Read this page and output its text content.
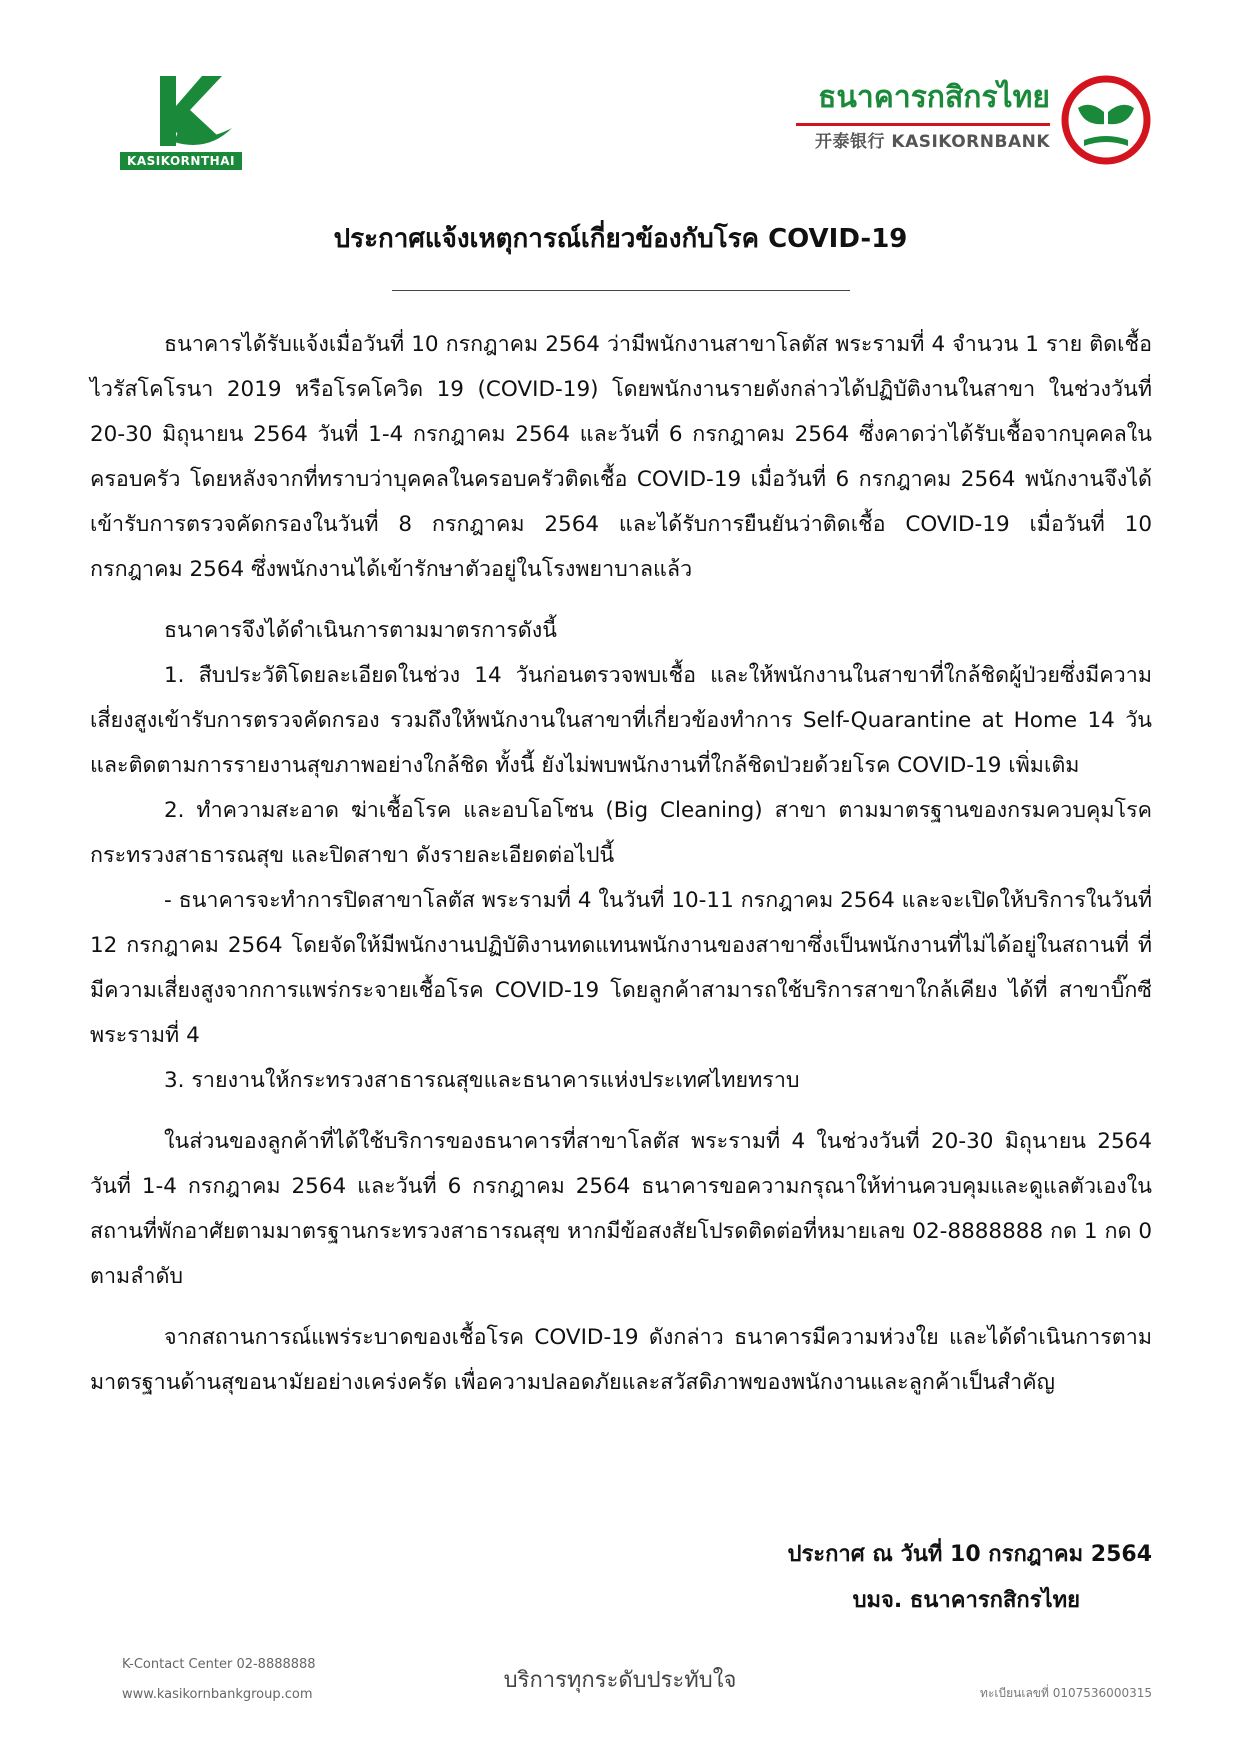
KASIKORNTHAI
ธนาคารกสิกรไทย
开泰银行 KASIKORNBANK
ประกาศแจ้งเหตุการณ์เกี่ยวข้องกับโรค COVID-19

ธนาคารได้รับแจ้งเมื่อวันที่ 10 กรกฎาคม 2564 ว่ามีพนักงานสาขาโลตัส พระรามที่ 4 จำนวน 1 ราย ติดเชื้อไวรัสโคโรนา 2019 หรือโรคโควิด 19 (COVID-19) โดยพนักงานรายดังกล่าวได้ปฏิบัติงานในสาขา ในช่วงวันที่ 20-30 มิถุนายน 2564 วันที่ 1-4 กรกฎาคม 2564 และวันที่ 6 กรกฎาคม 2564 ซึ่งคาดว่าได้รับเชื้อจากบุคคลในครอบครัว โดยหลังจากที่ทราบว่าบุคคลในครอบครัวติดเชื้อ COVID-19 เมื่อวันที่ 6 กรกฎาคม 2564 พนักงานจึงได้เข้ารับการตรวจคัดกรองในวันที่ 8 กรกฎาคม 2564 และได้รับการยืนยันว่าติดเชื้อ COVID-19 เมื่อวันที่ 10 กรกฎาคม 2564 ซึ่งพนักงานได้เข้ารักษาตัวอยู่ในโรงพยาบาลแล้ว

ธนาคารจึงได้ดำเนินการตามมาตรการดังนี้

1. สืบประวัติโดยละเอียดในช่วง 14 วันก่อนตรวจพบเชื้อ และให้พนักงานในสาขาที่ใกล้ชิดผู้ป่วยซึ่งมีความเสี่ยงสูงเข้ารับการตรวจคัดกรอง รวมถึงให้พนักงานในสาขาที่เกี่ยวข้องทำการ Self-Quarantine at Home 14 วัน และติดตามการรายงานสุขภาพอย่างใกล้ชิด ทั้งนี้ ยังไม่พบพนักงานที่ใกล้ชิดป่วยด้วยโรค COVID-19 เพิ่มเติม

2. ทำความสะอาด ฆ่าเชื้อโรค และอบโอโซน (Big Cleaning) สาขา ตามมาตรฐานของกรมควบคุมโรค กระทรวงสาธารณสุข และปิดสาขา ดังรายละเอียดต่อไปนี้

- ธนาคารจะทำการปิดสาขาโลตัส พระรามที่ 4 ในวันที่ 10-11 กรกฎาคม 2564 และจะเปิดให้บริการในวันที่ 12 กรกฎาคม 2564 โดยจัดให้มีพนักงานปฏิบัติงานทดแทนพนักงานของสาขาซึ่งเป็นพนักงานที่ไม่ได้อยู่ในสถานที่ ที่มีความเสี่ยงสูงจากการแพร่กระจายเชื้อโรค COVID-19 โดยลูกค้าสามารถใช้บริการสาขาใกล้เคียง ได้ที่ สาขาบิ๊กซี พระรามที่ 4

3. รายงานให้กระทรวงสาธารณสุขและธนาคารแห่งประเทศไทยทราบ

ในส่วนของลูกค้าที่ได้ใช้บริการของธนาคารที่สาขาโลตัส พระรามที่ 4 ในช่วงวันที่ 20-30 มิถุนายน 2564 วันที่ 1-4 กรกฎาคม 2564 และวันที่ 6 กรกฎาคม 2564 ธนาคารขอความกรุณาให้ท่านควบคุมและดูแลตัวเองในสถานที่พักอาศัยตามมาตรฐานกระทรวงสาธารณสุข หากมีข้อสงสัยโปรดติดต่อที่หมายเลข 02-8888888 กด 1 กด 0 ตามลำดับ

จากสถานการณ์แพร่ระบาดของเชื้อโรค COVID-19 ดังกล่าว ธนาคารมีความห่วงใย และได้ดำเนินการตามมาตรฐานด้านสุขอนามัยอย่างเคร่งครัด เพื่อความปลอดภัยและสวัสดิภาพของพนักงานและลูกค้าเป็นสำคัญ

ประกาศ ณ วันที่ 10 กรกฎาคม 2564
บมจ. ธนาคารกสิกรไทย
K-Contact Center 02-8888888
www.kasikornbankgroup.com
บริการทุกระดับประทับใจ	ทะเบียนเลขที่ 0107536000315
